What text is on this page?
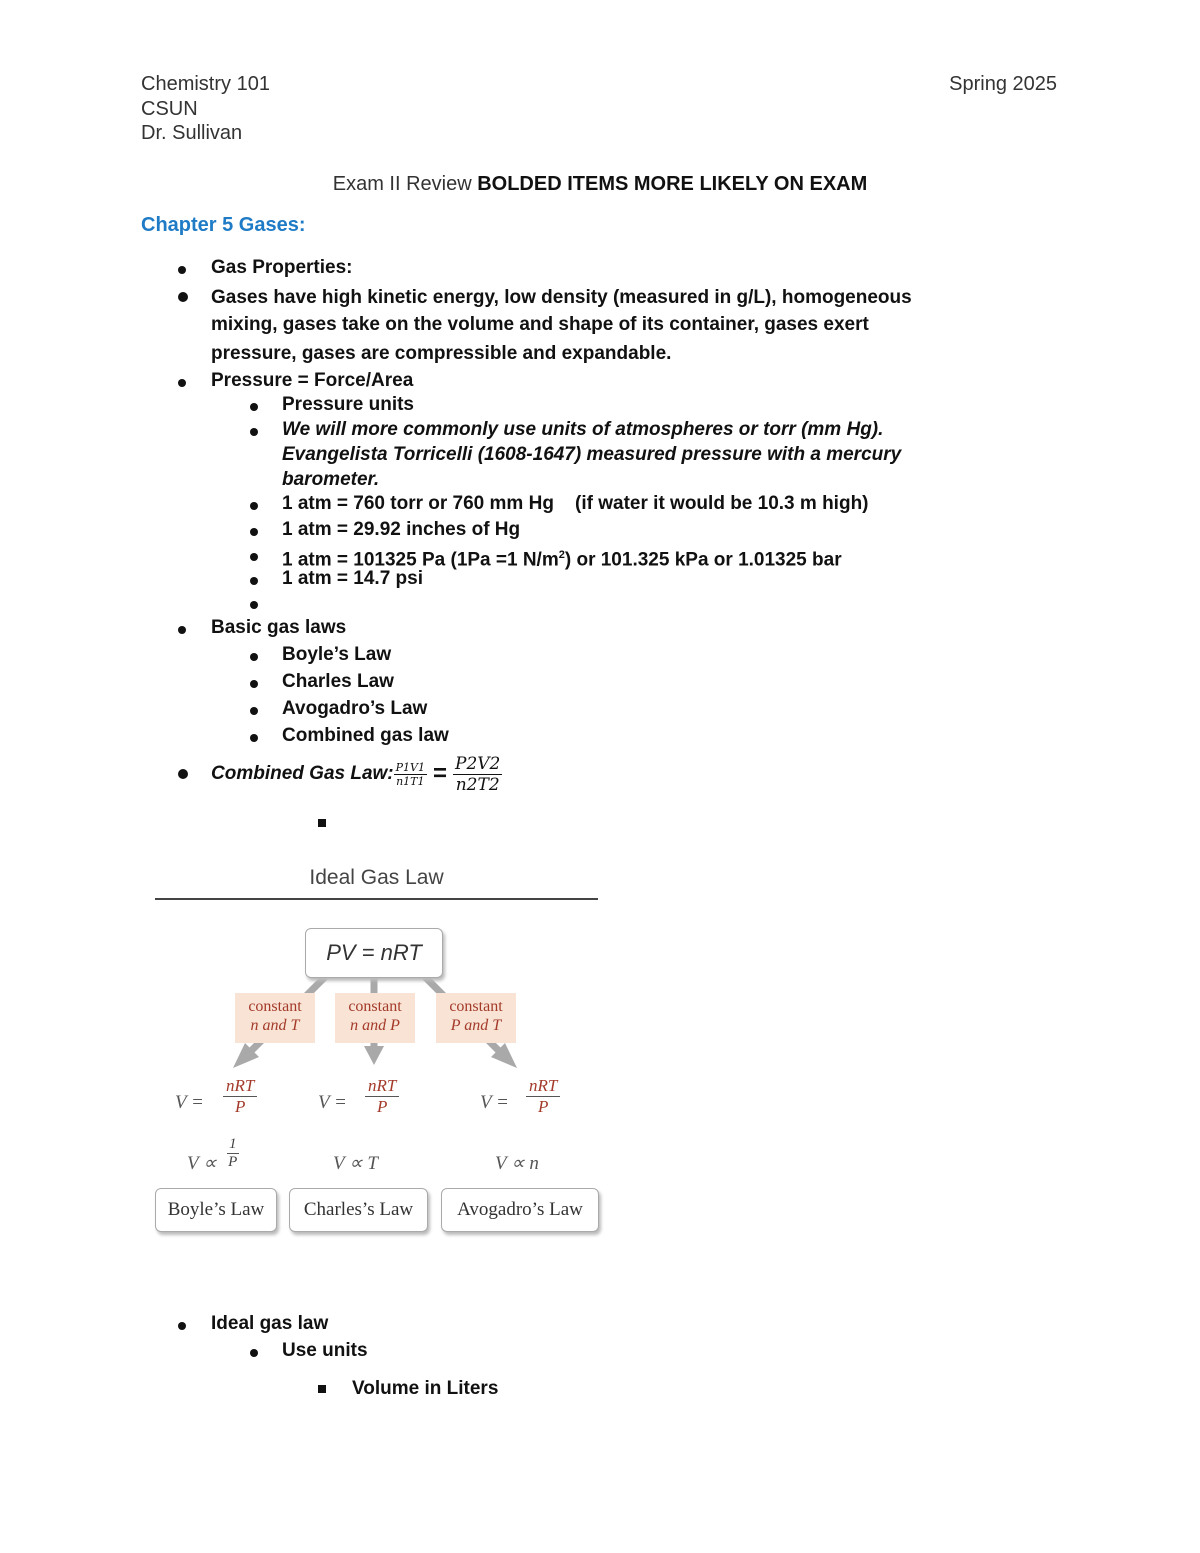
Chemistry 101
CSUN
Dr. Sullivan
Spring 2025
Exam II Review BOLDED ITEMS MORE LIKELY ON EXAM
Chapter 5 Gases:
Gas Properties:
Gases have high kinetic energy, low density (measured in g/L), homogeneous
mixing, gases take on the volume and shape of its container, gases exert
pressure, gases are compressible and expandable.
Pressure = Force/Area
Pressure units
We will more commonly use units of atmospheres or torr (mm Hg).
Evangelista Torricelli (1608-1647) measured pressure with a mercury
barometer.
1 atm = 760 torr or 760 mm Hg    (if water it would be 10.3 m high)
1 atm = 29.92 inches of Hg
1 atm = 101325 Pa (1Pa =1 $N/m^2$) or 101.325 kPa or 1.01325 bar
1 atm = 14.7 psi
Basic gas laws
Boyle’s Law
Charles Law
Avogadro’s Law
Combined gas law
Combined Gas Law: $\frac{P1V1}{n1T1} = \frac{P2V2}{n2T2}$
Ideal Gas Law
PV = nRT
constant
n and T
constant
n and P
constant
P and T
V =
nRT
P	V =
nRT
P	V =
nRT
P
$V \propto \frac{1}{P}$	V ∝ T	V ∝ n
Boyle’s Law	Charles’s Law	Avogadro’s Law
Ideal gas law
Use units
Volume in Liters
